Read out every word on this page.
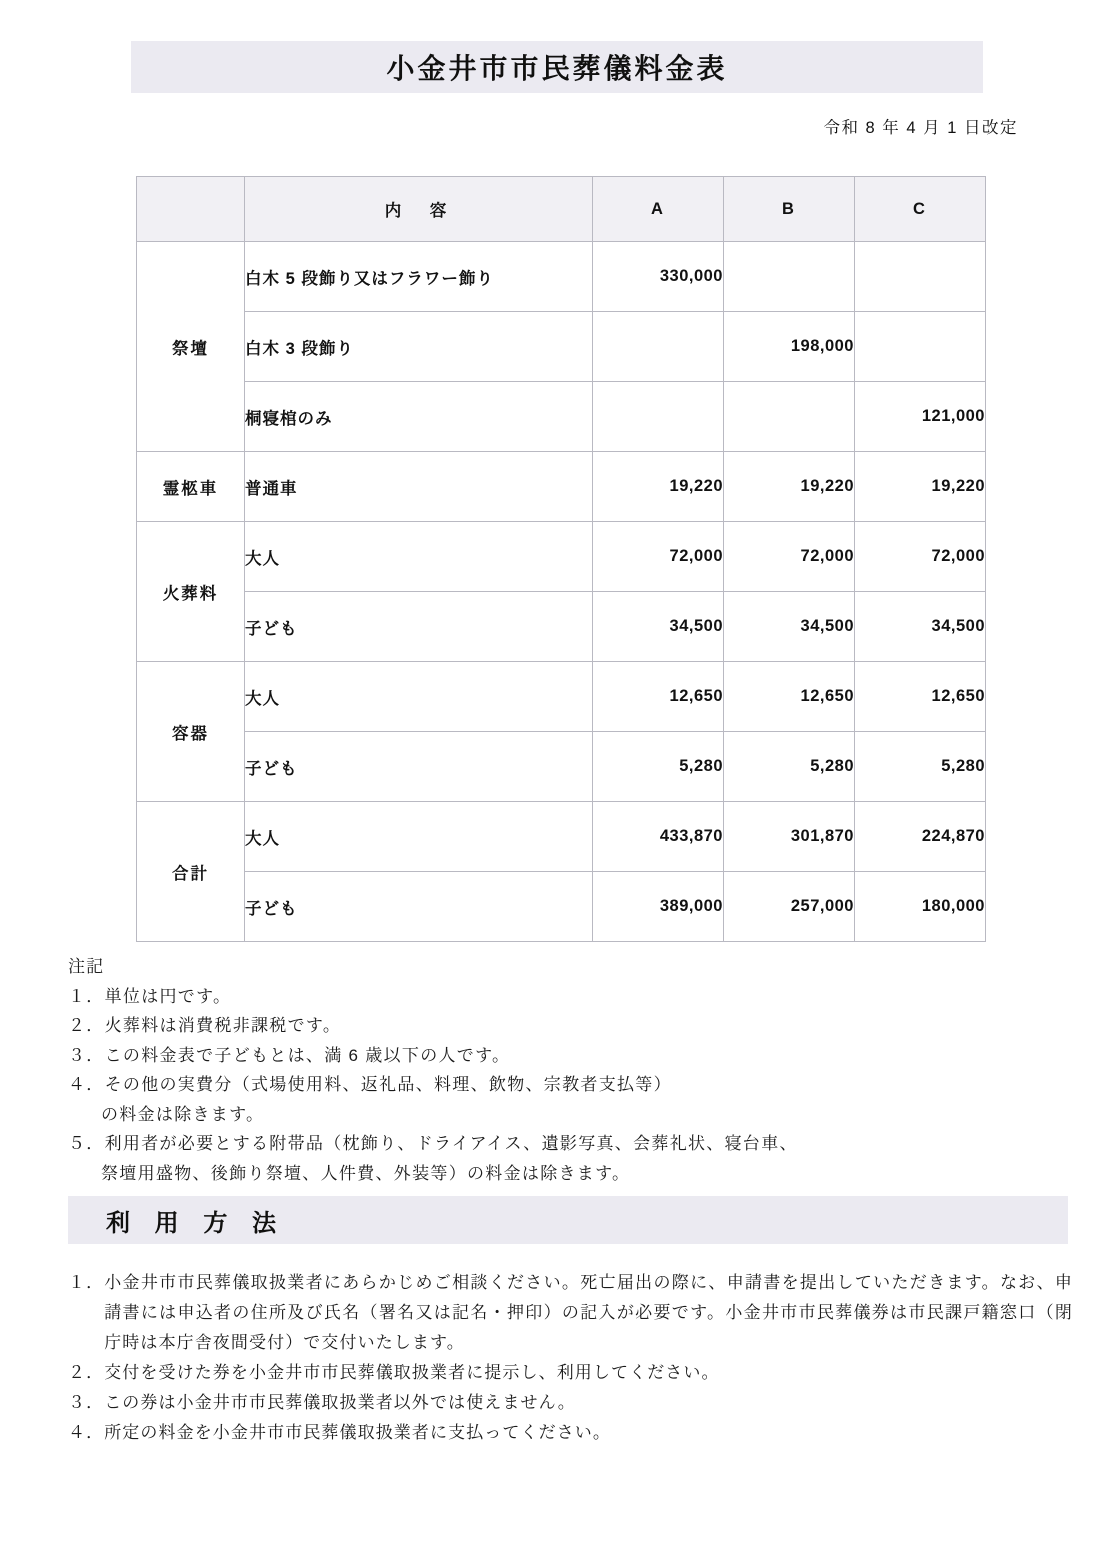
小金井市市民葬儀料金表
令和 8 年 4 月 1 日改定
	内　容	A	B	C
祭壇	白木 5 段飾り又はフラワー飾り	330,000		
	白木 3 段飾り		198,000	
	桐寝棺のみ			121,000
霊柩車	普通車	19,220	19,220	19,220
火葬料	大人	72,000	72,000	72,000
	子ども	34,500	34,500	34,500
容器	大人	12,650	12,650	12,650
	子ども	5,280	5,280	5,280
合計	大人	433,870	301,870	224,870
	子ども	389,000	257,000	180,000
注記
１． 単位は円です。
２． 火葬料は消費税非課税です。
３． この料金表で子どもとは、満 6 歳以下の人です。
４． その他の実費分（式場使用料、返礼品、料理、飲物、宗教者支払等）
の料金は除きます。
５． 利用者が必要とする附帯品（枕飾り、ドライアイス、遺影写真、会葬礼状、寝台車、
祭壇用盛物、後飾り祭壇、人件費、外装等）の料金は除きます。
利 用 方 法
１． 小金井市市民葬儀取扱業者にあらかじめご相談ください。死亡届出の際に、申請書を提出していただきます。なお、申請書には申込者の住所及び氏名（署名又は記名・押印）の記入が必要です。小金井市市民葬儀券は市民課戸籍窓口（閉庁時は本庁舎夜間受付）で交付いたします。
２． 交付を受けた券を小金井市市民葬儀取扱業者に提示し、利用してください。
３． この券は小金井市市民葬儀取扱業者以外では使えません。
４． 所定の料金を小金井市市民葬儀取扱業者に支払ってください。
